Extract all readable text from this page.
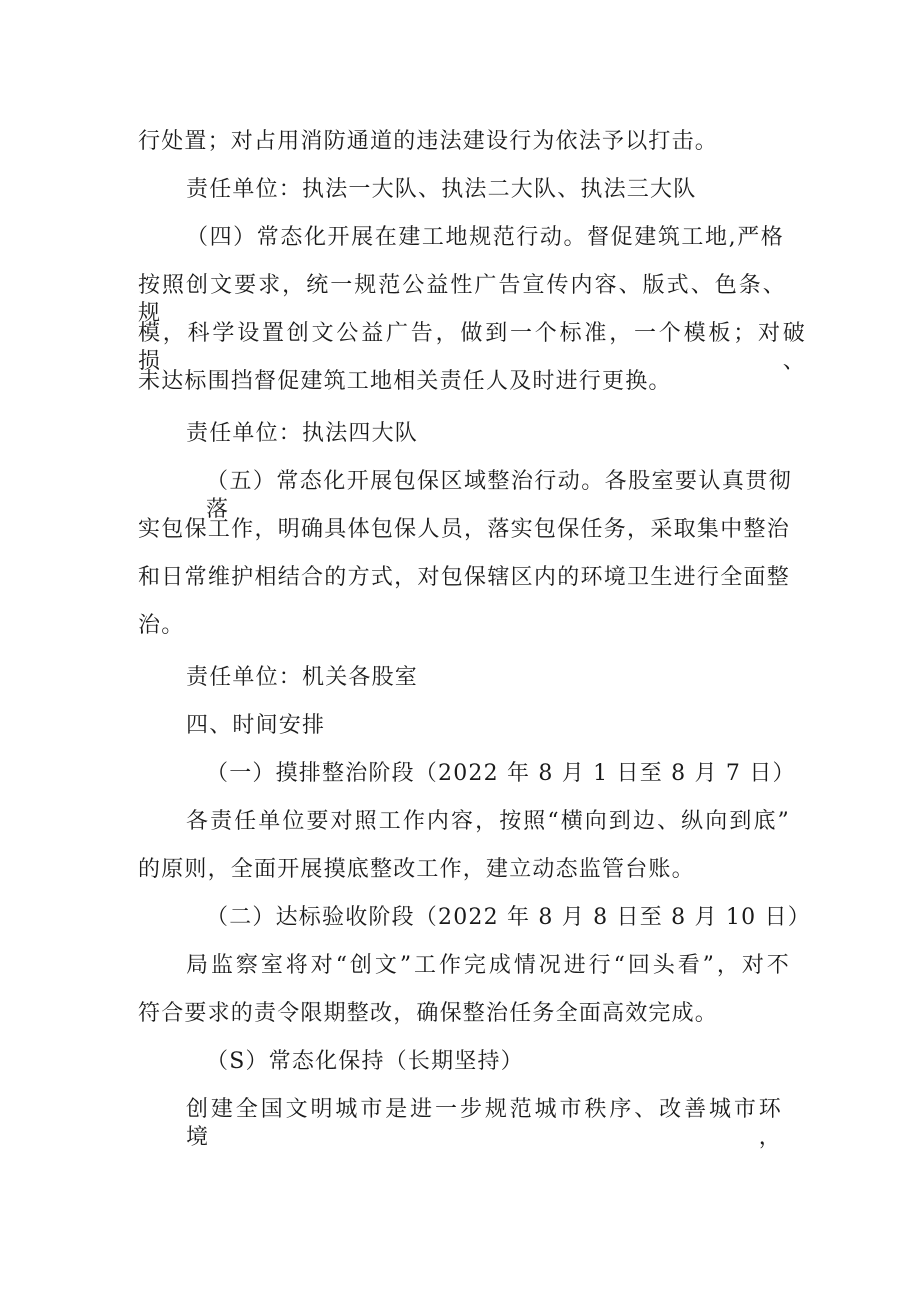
行处置；对占用消防通道的违法建设行为依法予以打击。
责任单位：执法一大队、执法二大队、执法三大队
（四）常态化开展在建工地规范行动。督促建筑工地,严格
按照创文要求，统一规范公益性广告宣传内容、版式、色条、规
模，科学设置创文公益广告，做到一个标准，一个模板；对破损、
未达标围挡督促建筑工地相关责任人及时进行更换。
责任单位：执法四大队
（五）常态化开展包保区域整治行动。各股室要认真贯彻落
实包保工作，明确具体包保人员，落实包保任务，采取集中整治
和日常维护相结合的方式，对包保辖区内的环境卫生进行全面整
治。
责任单位：机关各股室
四、时间安排
（一）摸排整治阶段（2022 年 8 月 1 日至 8 月 7 日）
各责任单位要对照工作内容，按照“横向到边、纵向到底”
的原则，全面开展摸底整改工作，建立动态监管台账。
（二）达标验收阶段（2022 年 8 月 8 日至 8 月 10 日）
局监察室将对“创文”工作完成情况进行“回头看”，对不
符合要求的责令限期整改，确保整治任务全面高效完成。
（S）常态化保持（长期坚持）
创建全国文明城市是进一步规范城市秩序、改善城市环境，
